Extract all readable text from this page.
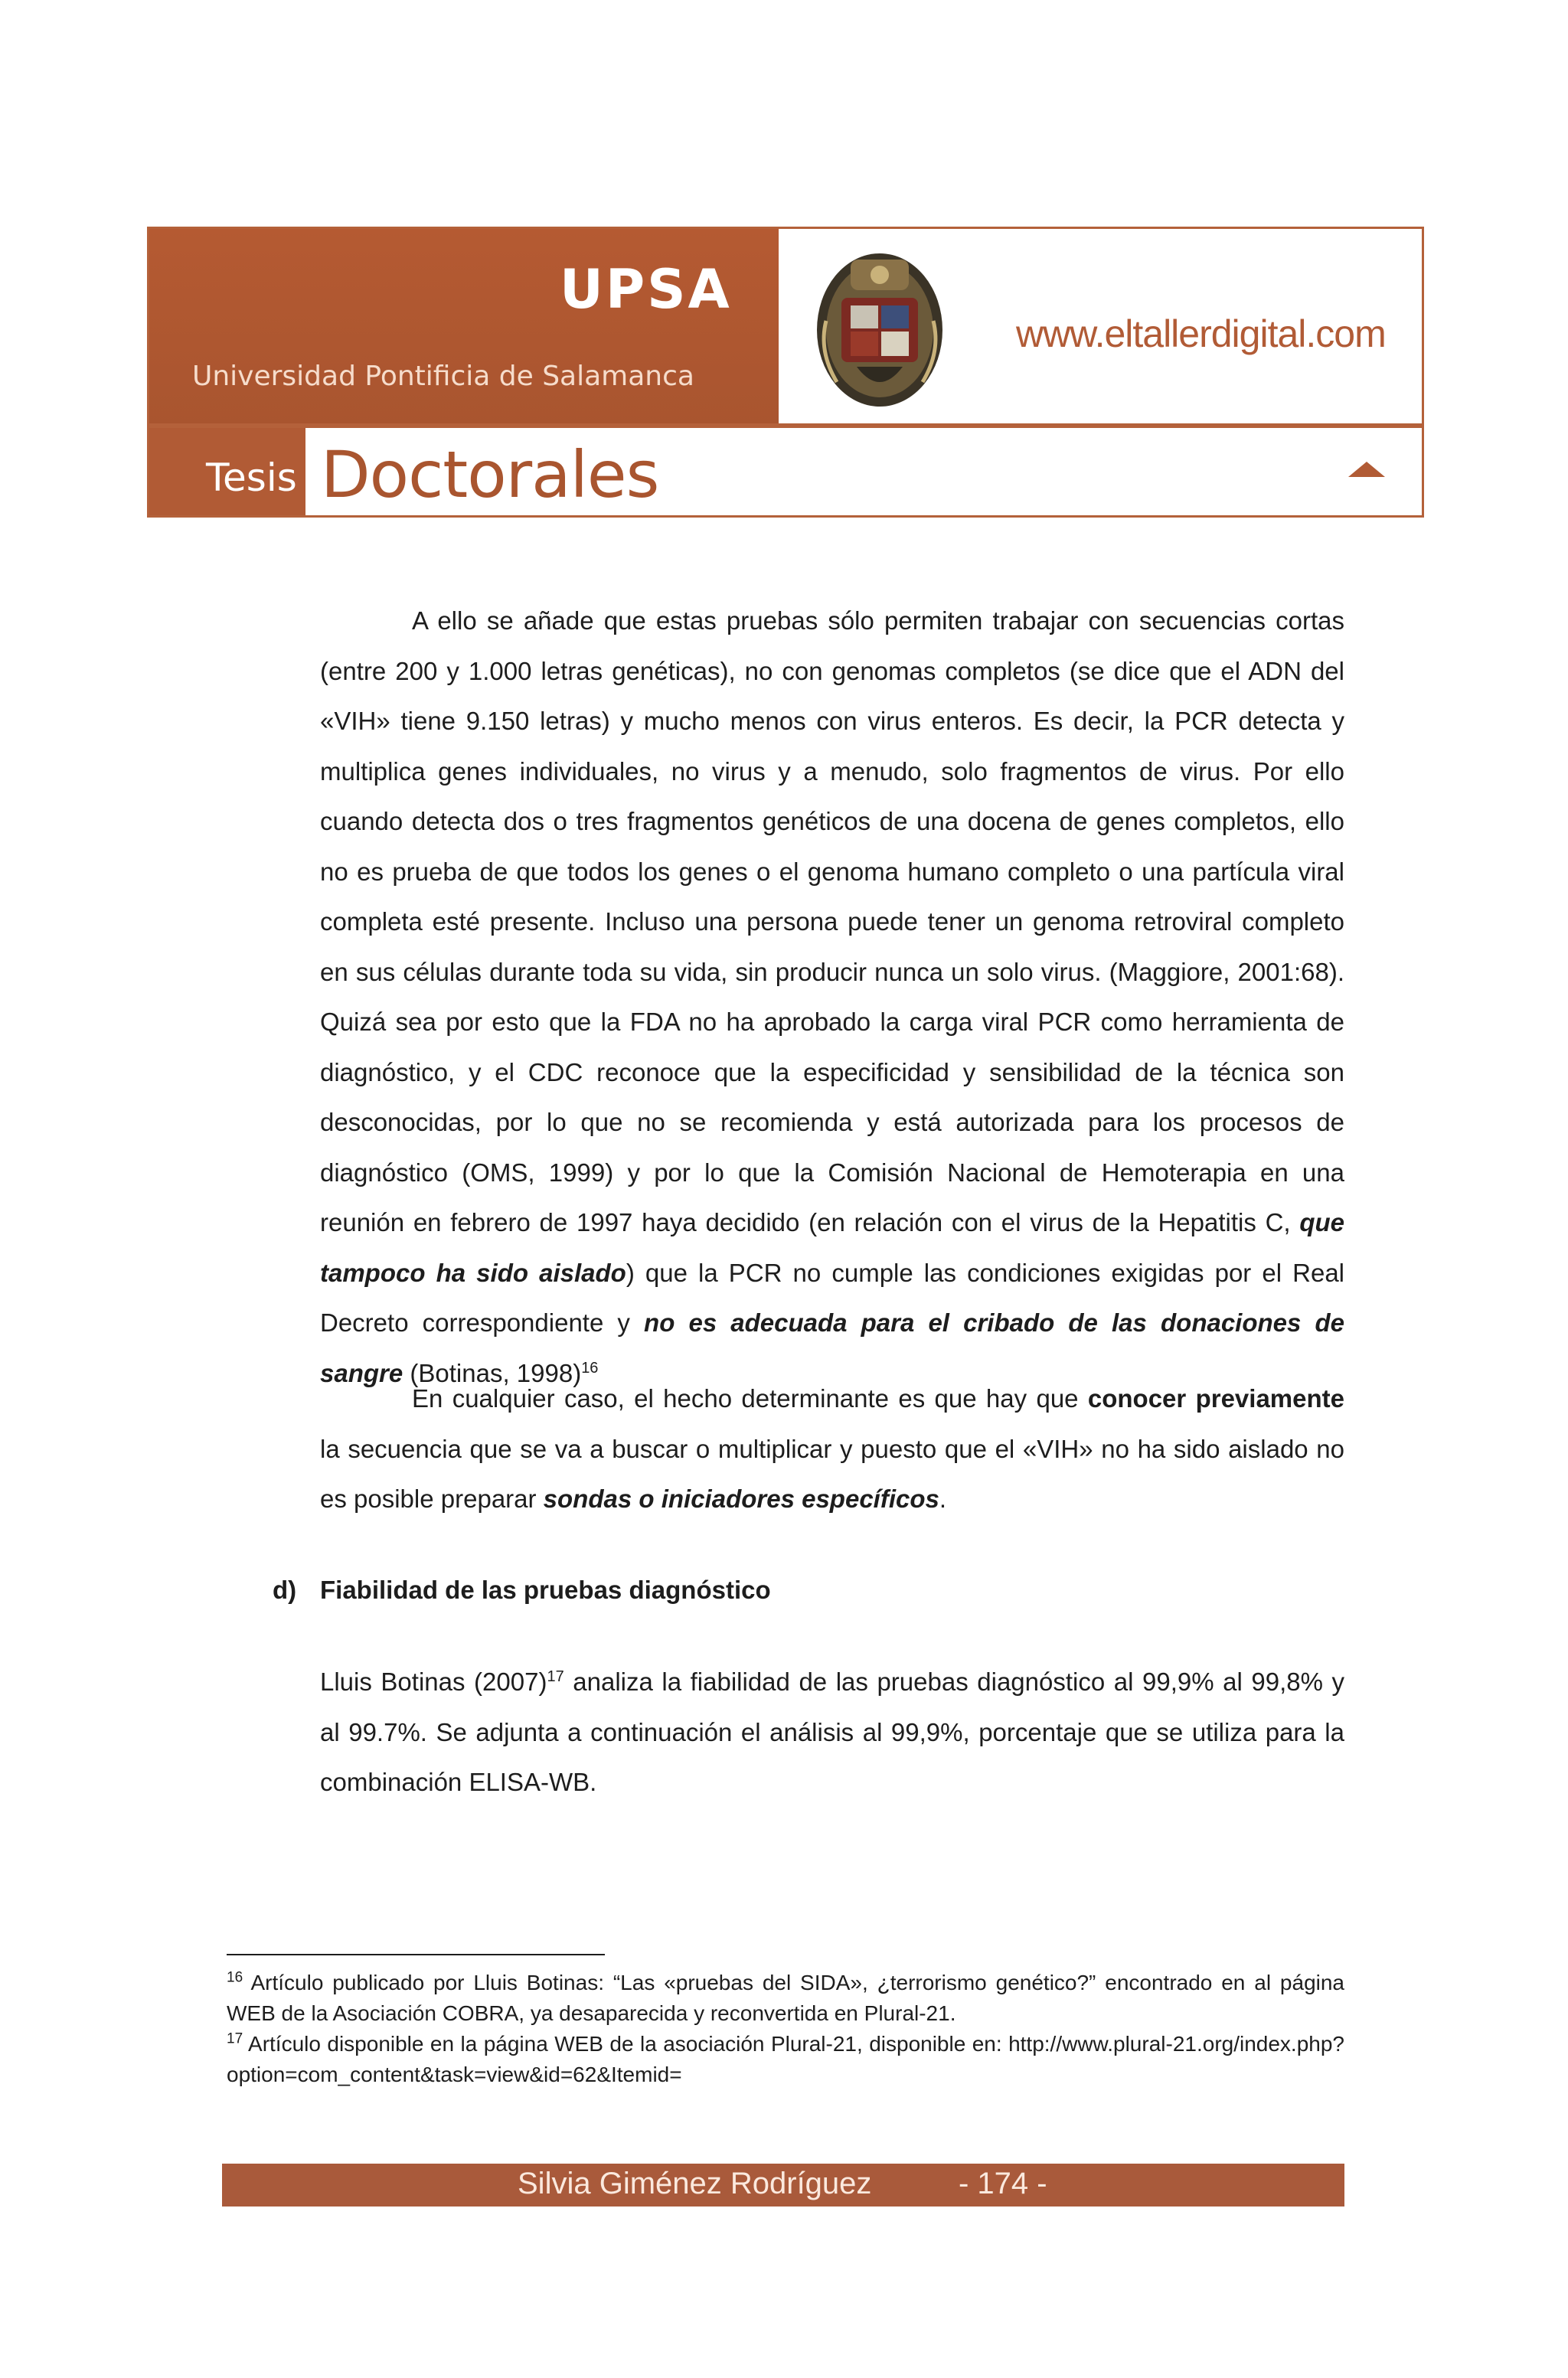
UPSA
Universidad Pontificia de Salamanca
www.eltallerdigital.com
Tesis Doctorales

A ello se añade que estas pruebas sólo permiten trabajar con secuencias cortas (entre 200 y 1.000 letras genéticas), no con genomas completos (se dice que el ADN del «VIH» tiene 9.150 letras) y mucho menos con virus enteros. Es decir, la PCR detecta y multiplica genes individuales, no virus y a menudo, solo fragmentos de virus. Por ello cuando detecta dos o tres fragmentos genéticos de una docena de genes completos, ello no es prueba de que todos los genes o el genoma humano completo o una partícula viral completa esté presente. Incluso una persona puede tener un genoma retroviral completo en sus células durante toda su vida, sin producir nunca un solo virus. (Maggiore, 2001:68). Quizá sea por esto que la FDA no ha aprobado la carga viral PCR como herramienta de diagnóstico, y el CDC reconoce que la especificidad y sensibilidad de la técnica son desconocidas, por lo que no se recomienda y está autorizada para los procesos de diagnóstico (OMS, 1999) y por lo que la Comisión Nacional de Hemoterapia en una reunión en febrero de 1997 haya decidido (en relación con el virus de la Hepatitis C, que tampoco ha sido aislado) que la PCR no cumple las condiciones exigidas por el Real Decreto correspondiente y no es adecuada para el cribado de las donaciones de sangre (Botinas, 1998)$^{16}$

En cualquier caso, el hecho determinante es que hay que conocer previamente la secuencia que se va a buscar o multiplicar y puesto que el «VIH» no ha sido aislado no es posible preparar sondas o iniciadores específicos.

d) Fiabilidad de las pruebas diagnóstico

Lluis Botinas $(2007)^{17}$ analiza la fiabilidad de las pruebas diagnóstico al 99,9% al 99,8% y al 99.7%. Se adjunta a continuación el análisis al 99,9%, porcentaje que se utiliza para la combinación ELISA-WB.

$^{16}$ Artículo publicado por Lluis Botinas: “Las «pruebas del SIDA», ¿terrorismo genético?” encontrado en al página WEB de la Asociación COBRA, ya desaparecida y reconvertida en Plural-21.

$^{17}$ Artículo disponible en la página WEB de la asociación Plural-21, disponible en: http://www.plural-21.org/index.php?option=com_content&task=view&id=62&Itemid=

Silvia Giménez Rodríguez	- 174 -
